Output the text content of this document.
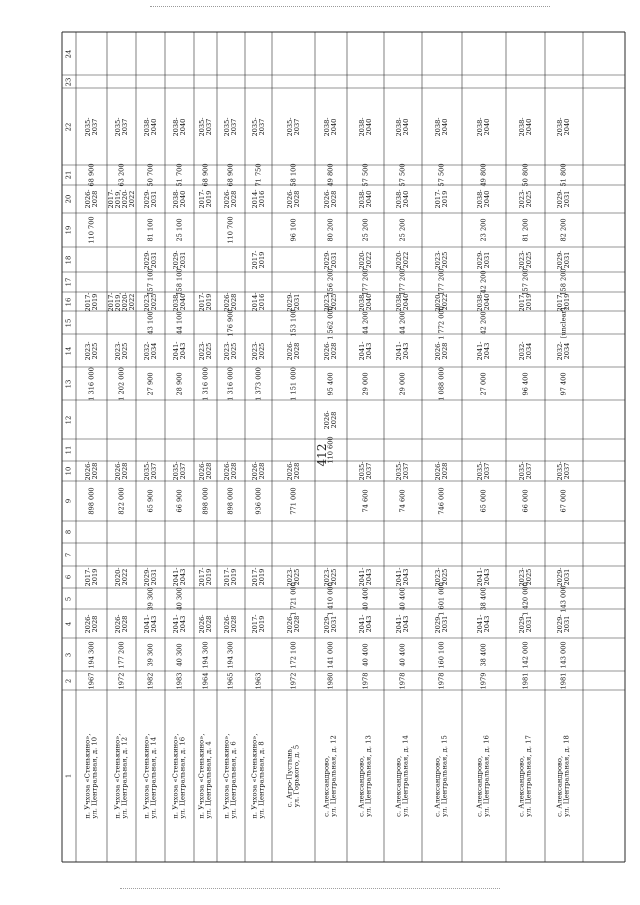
412
1
2
3
4
5
6
7
8
9
10
11
12
13
14
15
16
17
18
19
20
21
22
23
24
п. Учхоза «Стенькино»,
ул. Центральная, д. 10
1967
194 300
2026-
2028
2017-
2019
898 000
2026-
2028
1 316 000
2023-
2025
2017-
2019
110 700
2026-
2028
68 900
2035-
2037
п. Учхоза «Стенькино»,
ул. Центральная, д. 12
1972
177 200
2026-
2028
2020-
2022
822 000
2026-
2028
1 202 000
2023-
2025
2017-
2019,
2020-
2022
2017-
2019,
2020-
2022
63 200
2035-
2037
п. Учхоза «Стенькино»,
ул. Центральная, д. 14
1982
39 300
2041-
2043
39 300
2029-
2031
65 900
2035-
2037
27 900
2032-
2034
43 100
2023-
2025
157 100
2029-
2031
81 100
2029-
2031
50 700
2038-
2040
п. Учхоза «Стенькино»,
ул. Центральная, д. 16
1983
40 300
2041-
2043
40 300
2041-
2043
66 900
2035-
2037
28 900
2041-
2043
44 100
2038-
2040
158 100
2029-
2031
25 100
2038-
2040
51 700
2038-
2040
п. Учхоза «Стенькино»,
ул. Центральная, д. 4
1964
194 300
2026-
2028
2017-
2019
898 000
2026-
2028
1 316 000
2023-
2025
2017-
2019
2017-
2019
68 900
2035-
2037
п. Учхоза «Стенькино»,
ул. Центральная, д. 6
1965
194 300
2026-
2028
2017-
2019
898 000
2026-
2028
1 316 000
2023-
2025
176 900
2026-
2028
110 700
2026-
2028
68 900
2035-
2037
п. Учхоза «Стенькино»,
ул. Центральная, д. 8
1963
2017-
2019
2017-
2019
936 000
2026-
2028
1 373 000
2023-
2025
2014-
2016
2017-
2019
2014-
2016
71 750
2035-
2037
с. Агро-Пустынь,
ул. Горького, д. 5
1972
172 100
2026-
2028
1 721 000
2023-
2025
771 000
2026-
2028
1 151 000
2026-
2028
153 100
2029-
2031
96 100
2026-
2028
58 100
2035-
2037
с. Александрово,
ул. Центральная, д. 12
1980
141 000
2029-
2031
1 410 000
2023-
2025
110 600
2026-
2028
95 400
2026-
2028
1 562 000
2023-
2025
156 200
2029-
2031
80 200
2026-
2028
49 800
2038-
2040
с. Александрово,
ул. Центральная, д. 13
1978
40 400
2041-
2043
40 400
2041-
2043
74 600
2035-
2037
29 000
2041-
2043
44 200
2038-
2040
177 200
2020-
2022
25 200
2038-
2040
57 500
2038-
2040
с. Александрово,
ул. Центральная, д. 14
1978
40 400
2041-
2043
40 400
2041-
2043
74 600
2035-
2037
29 000
2041-
2043
44 200
2038-
2040
177 200
2020-
2022
25 200
2038-
2040
57 500
2038-
2040
с. Александрово,
ул. Центральная, д. 15
1978
160 100
2029-
2031
1 601 000
2023-
2025
746 000
2026-
2028
1 088 000
2026-
2028
1 772 000
2020-
2022
177 200
2023-
2025
2017-
2019
57 500
2038-
2040
с. Александрово,
ул. Центральная, д. 16
1979
38 400
2041-
2043
38 400
2041-
2043
65 000
2035-
2037
27 000
2041-
2043
42 200
2038-
2040
42 200
2029-
2031
23 200
2038-
2040
49 800
2038-
2040
с. Александрово,
ул. Центральная, д. 17
1981
142 000
2029-
2031
1 420 000
2023-
2025
66 000
2035-
2037
96 400
2032-
2034
2017-
2019
157 200
2023-
2025
81 200
2023-
2025
50 800
2038-
2040
с. Александрово,
ул. Центральная, д. 18
1981
143 000
2029-
2031
143 000
2029-
2031
67 000
2035-
2037
97 400
2032-
2034
[unclear]
2017-
2019
158 200
2029-
2031
82 200
2029-
2031
51 800
2038-
2040
